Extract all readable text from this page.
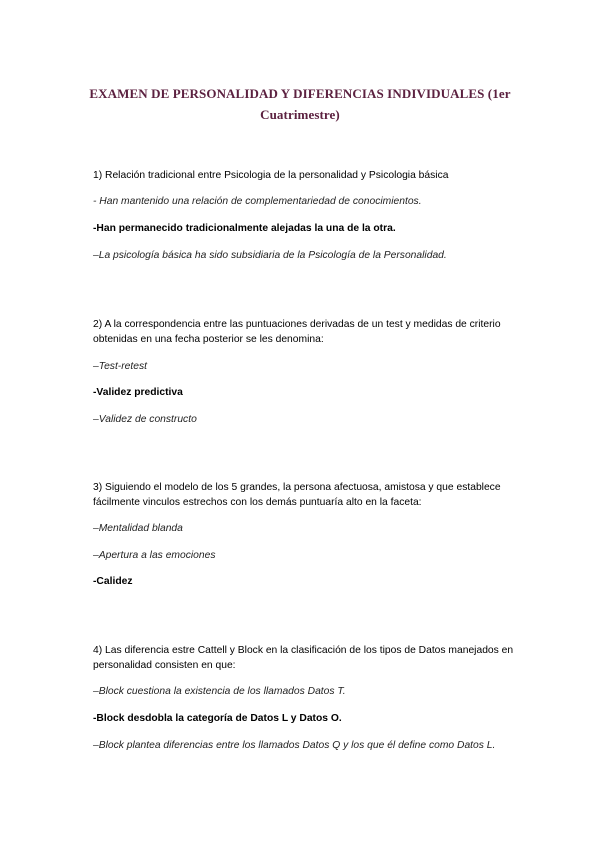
EXAMEN DE PERSONALIDAD Y DIFERENCIAS INDIVIDUALES (1er Cuatrimestre)
1) Relación tradicional entre Psicologia de la personalidad y Psicologia básica
- Han mantenido una relación de complementariedad de conocimientos.
-Han permanecido tradicionalmente alejadas la una de la otra.
–La psicología básica ha sido subsidiaria de la Psicología de la Personalidad.
2) A la correspondencia entre las puntuaciones derivadas de un test y medidas de criterio obtenidas en una fecha posterior se les denomina:
–Test-retest
-Validez predictiva
–Validez de constructo
3) Siguiendo el modelo de los 5 grandes, la persona afectuosa, amistosa y que establece fácilmente vinculos estrechos con los demás puntuaría alto en la faceta:
–Mentalidad blanda
–Apertura a las emociones
-Calidez
4) Las diferencia estre Cattell y Block en la clasificación de los tipos de Datos manejados en personalidad consisten en que:
–Block cuestiona la existencia de los llamados Datos T.
-Block desdobla la categoría de Datos L y Datos O.
–Block plantea diferencias entre los llamados Datos Q y los que él define como Datos L.
